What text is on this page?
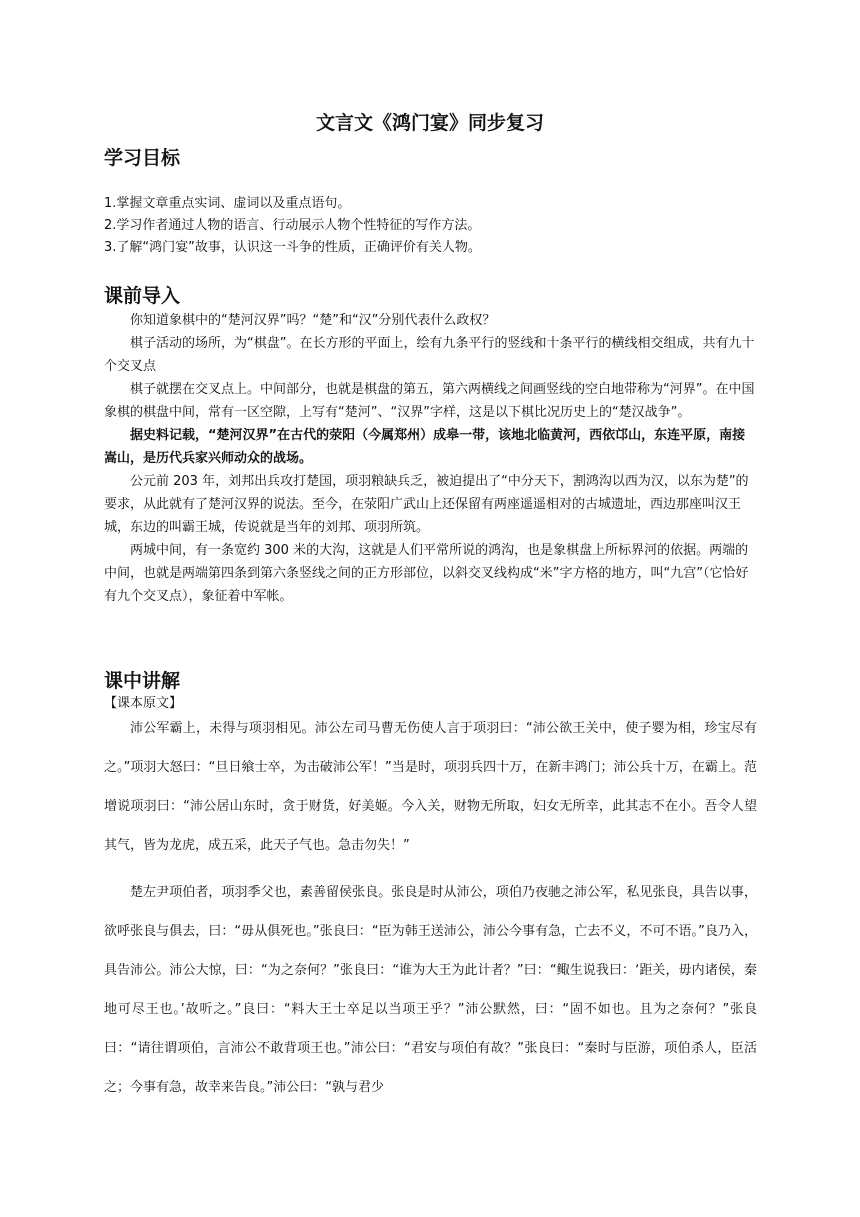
文言文《鸿门宴》同步复习
学习目标

1.掌握文章重点实词、虚词以及重点语句。

2.学习作者通过人物的语言、行动展示人物个性特征的写作方法。

3.了解“鸿门宴”故事，认识这一斗争的性质，正确评价有关人物。

课前导入

你知道象棋中的“楚河汉界”吗？“楚”和“汉”分别代表什么政权？

棋子活动的场所，为“棋盘”。在长方形的平面上，绘有九条平行的竖线和十条平行的横线相交组成，共有九十个交叉点

棋子就摆在交叉点上。中间部分，也就是棋盘的第五，第六两横线之间画竖线的空白地带称为“河界”。在中国象棋的棋盘中间，常有一区空隙，上写有“楚河”、“汉界”字样，这是以下棋比况历史上的“楚汉战争”。

据史料记载，“楚河汉界”在古代的荥阳（今属郑州）成皋一带，该地北临黄河，西依邙山，东连平原，南接嵩山，是历代兵家兴师动众的战场。

公元前 203 年，刘邦出兵攻打楚国，项羽粮缺兵乏，被迫提出了“中分天下，割鸿沟以西为汉，以东为楚”的要求，从此就有了楚河汉界的说法。至今，在荥阳广武山上还保留有两座遥遥相对的古城遗址，西边那座叫汉王城，东边的叫霸王城，传说就是当年的刘邦、项羽所筑。

两城中间，有一条宽约 300 米的大沟，这就是人们平常所说的鸿沟，也是象棋盘上所标界河的依据。两端的中间，也就是两端第四条到第六条竖线之间的正方形部位，以斜交叉线构成“米”字方格的地方，叫“九宫”（它恰好有九个交叉点），象征着中军帐。

课中讲解
【课本原文】

沛公军霸上，未得与项羽相见。沛公左司马曹无伤使人言于项羽曰：“沛公欲王关中，使子婴为相，珍宝尽有之。”项羽大怒曰：“旦日飨士卒，为击破沛公军！”当是时，项羽兵四十万，在新丰鸿门；沛公兵十万，在霸上。范增说项羽曰：“沛公居山东时，贪于财货，好美姬。今入关，财物无所取，妇女无所幸，此其志不在小。吾令人望其气，皆为龙虎，成五采，此天子气也。急击勿失！”

楚左尹项伯者，项羽季父也，素善留侯张良。张良是时从沛公，项伯乃夜驰之沛公军，私见张良，具告以事，欲呼张良与俱去，曰：“毋从俱死也。”张良曰：“臣为韩王送沛公，沛公今事有急，亡去不义，不可不语。”良乃入，具告沛公。沛公大惊，曰：“为之奈何？”张良曰：“谁为大王为此计者？”曰：“鲰生说我曰：‘距关，毋内诸侯，秦地可尽王也。’故听之。”良曰：“料大王士卒足以当项王乎？”沛公默然，曰：“固不如也。且为之奈何？”张良曰：“请往谓项伯，言沛公不敢背项王也。”沛公曰：“君安与项伯有故？”张良曰：“秦时与臣游，项伯杀人，臣活之；今事有急，故幸来告良。”沛公曰：“孰与君少
